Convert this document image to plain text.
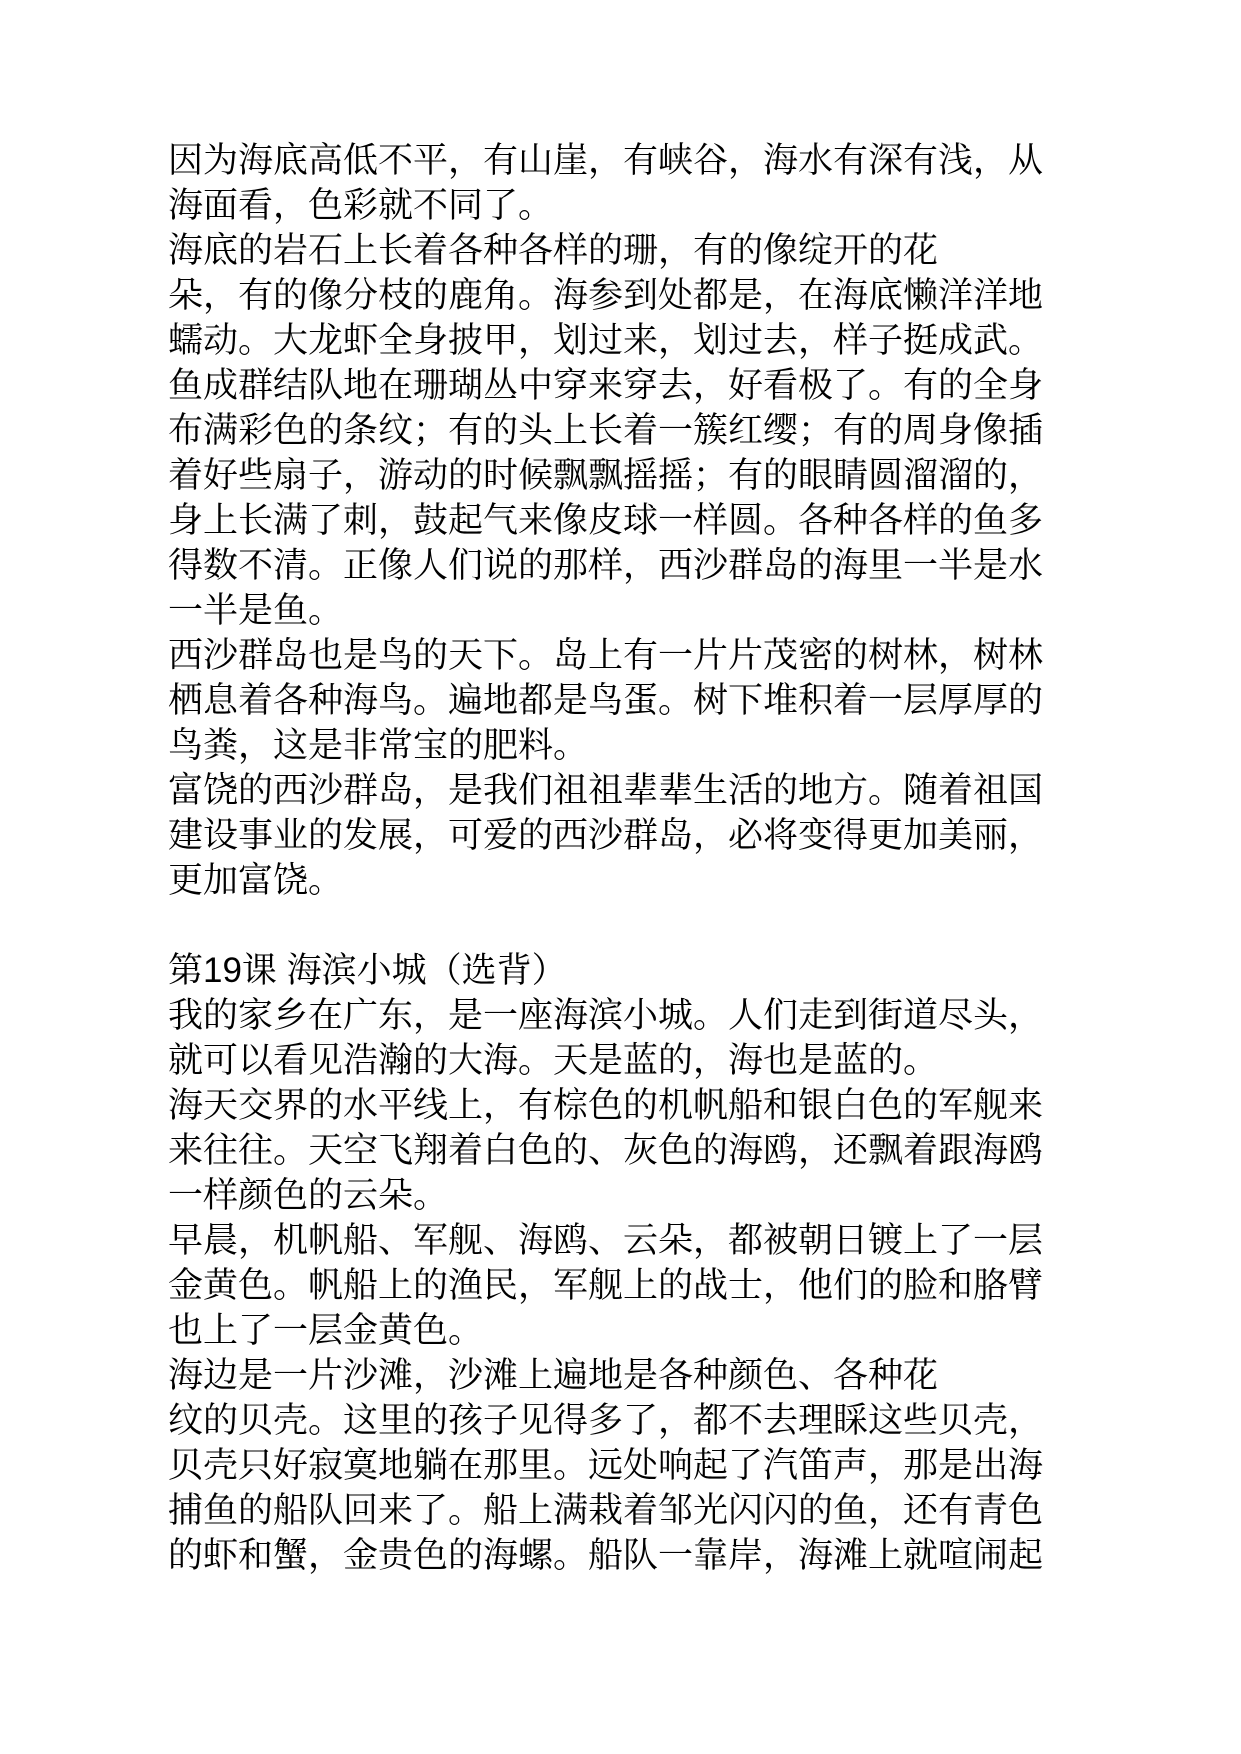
因为海底高低不平，有山崖，有峡谷，海水有深有浅，从
海面看，色彩就不同了。
海底的岩石上长着各种各样的珊，有的像绽开的花
朵，有的像分枝的鹿角。海参到处都是，在海底懒洋洋地
蠕动。大龙虾全身披甲，划过来，划过去，样子挺成武。
鱼成群结队地在珊瑚丛中穿来穿去，好看极了。有的全身
布满彩色的条纹；有的头上长着一簇红缨；有的周身像插
着好些扇子，游动的时候飘飘摇摇；有的眼睛圆溜溜的，
身上长满了刺，鼓起气来像皮球一样圆。各种各样的鱼多
得数不清。正像人们说的那样，西沙群岛的海里一半是水
一半是鱼。
西沙群岛也是鸟的天下。岛上有一片片茂密的树林，树林
栖息着各种海鸟。遍地都是鸟蛋。树下堆积着一层厚厚的
鸟粪，这是非常宝的肥料。
富饶的西沙群岛，是我们祖祖辈辈生活的地方。随着祖国
建设事业的发展，可爱的西沙群岛，必将变得更加美丽，
更加富饶。
第19课 海滨小城（选背）
我的家乡在广东，是一座海滨小城。人们走到街道尽头，
就可以看见浩瀚的大海。天是蓝的，海也是蓝的。
海天交界的水平线上，有棕色的机帆船和银白色的军舰来
来往往。天空飞翔着白色的、灰色的海鸥，还飘着跟海鸥
一样颜色的云朵。
早晨，机帆船、军舰、海鸥、云朵，都被朝日镀上了一层
金黄色。帆船上的渔民，军舰上的战士，他们的脸和胳臂
也上了一层金黄色。
海边是一片沙滩，沙滩上遍地是各种颜色、各种花
纹的贝壳。这里的孩子见得多了，都不去理睬这些贝壳，
贝壳只好寂寞地躺在那里。远处响起了汽笛声，那是出海
捕鱼的船队回来了。船上满栽着邹光闪闪的鱼，还有青色
的虾和蟹，金贵色的海螺。船队一靠岸，海滩上就喧闹起
